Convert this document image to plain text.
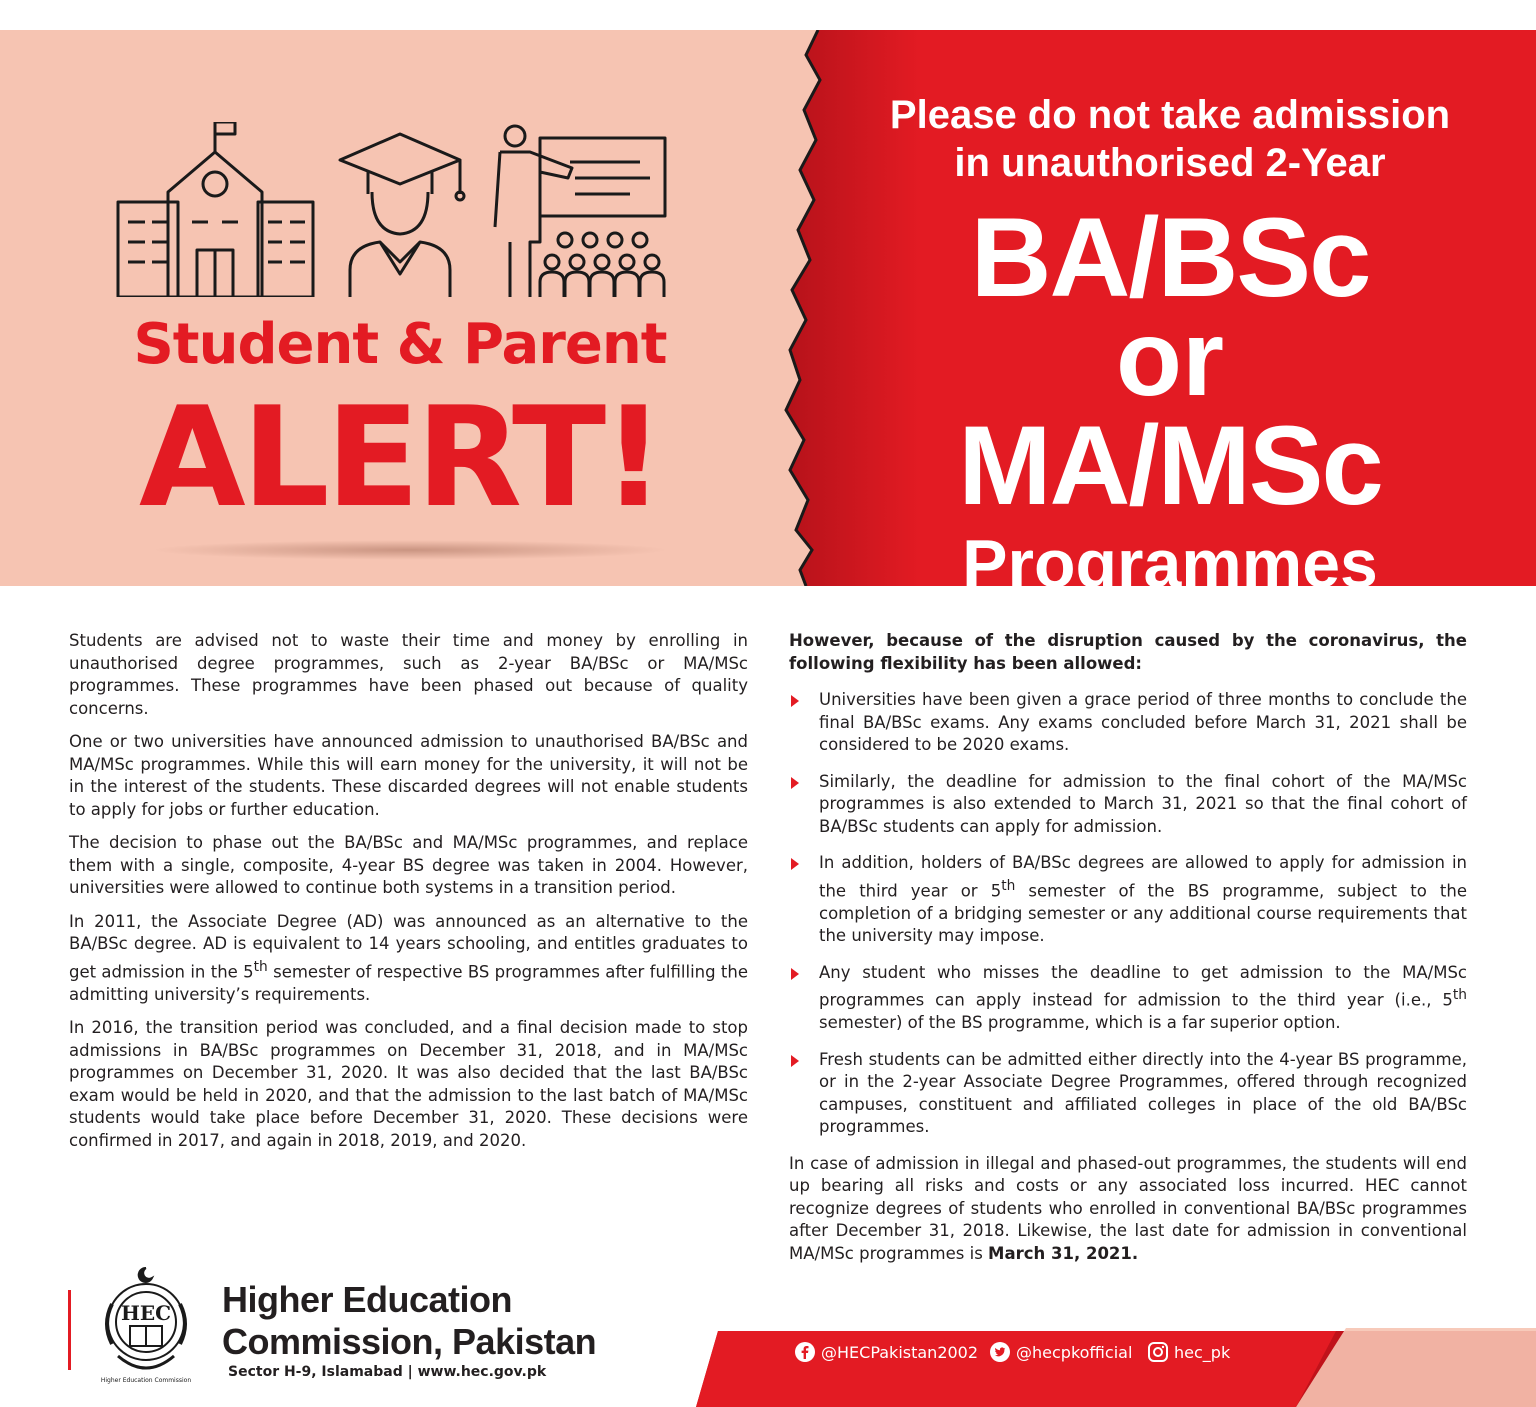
Student & Parent
ALERT!
Please do not take admission
in unauthorised 2-Year
BA/BSc
or
MA/MSc
Programmes

Students are advised not to waste their time and money by enrolling in unauthorised degree programmes, such as 2-year BA/BSc or MA/MSc programmes. These programmes have been phased out because of quality concerns.

One or two universities have announced admission to unauthorised BA/BSc and MA/MSc programmes. While this will earn money for the university, it will not be in the interest of the students. These discarded degrees will not enable students to apply for jobs or further education.

The decision to phase out the BA/BSc and MA/MSc programmes, and replace them with a single, composite, 4-year BS degree was taken in 2004. However, universities were allowed to continue both systems in a transition period.

In 2011, the Associate Degree (AD) was announced as an alternative to the BA/BSc degree. AD is equivalent to 14 years schooling, and entitles graduates to get admission in the 5th semester of respective BS programmes after fulfilling the admitting university’s requirements.

In 2016, the transition period was concluded, and a final decision made to stop admissions in BA/BSc programmes on December 31, 2018, and in MA/MSc programmes on December 31, 2020. It was also decided that the last BA/BSc exam would be held in 2020, and that the admission to the last batch of MA/MSc students would take place before December 31, 2020. These decisions were confirmed in 2017, and again in 2018, 2019, and 2020.

However, because of the disruption caused by the coronavirus, the following flexibility has been allowed:

Universities have been given a grace period of three months to conclude the final BA/BSc exams. Any exams concluded before March 31, 2021 shall be considered to be 2020 exams.
Similarly, the deadline for admission to the final cohort of the MA/MSc programmes is also extended to March 31, 2021 so that the final cohort of BA/BSc students can apply for admission.
In addition, holders of BA/BSc degrees are allowed to apply for admission in the third year or 5th semester of the BS programme, subject to the completion of a bridging semester or any additional course requirements that the university may impose.
Any student who misses the deadline to get admission to the MA/MSc programmes can apply instead for admission to the third year (i.e., 5th semester) of the BS programme, which is a far superior option.
Fresh students can be admitted either directly into the 4-year BS programme, or in the 2-year Associate Degree Programmes, offered through recognized campuses, constituent and affiliated colleges in place of the old BA/BSc programmes.

In case of admission in illegal and phased-out programmes, the students will end up bearing all risks and costs or any associated loss incurred. HEC cannot recognize degrees of students who enrolled in conventional BA/BSc programmes after December 31, 2018. Likewise, the last date for admission in conventional MA/MSc programmes is March 31, 2021.

HEC
Higher Education Commission

Higher Education

Commission, Pakistan

Sector H-9, Islamabad | www.hec.gov.pk

@HECPakistan2002 @hecpkofficial	hec_pk
